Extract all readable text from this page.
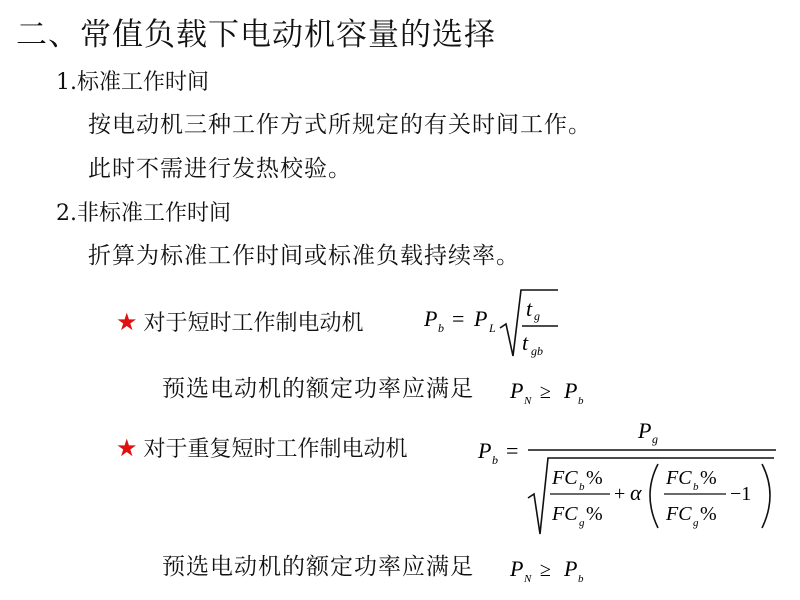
二、常值负载下电动机容量的选择
1.标准工作时间
按电动机三种工作方式所规定的有关时间工作。
此时不需进行发热校验。
2.非标准工作时间
折算为标准工作时间或标准负载持续率。
★ 对于短时工作制电动机	P b = P L
t g
t gb
预选电动机的额定功率应满足 P N ≥ P b
★ 对于重复短时工作制电动机	P b =
P g
FC b %
FC g %
+ α
FC b %
FC g %
−1
预选电动机的额定功率应满足 P N ≥ P b
